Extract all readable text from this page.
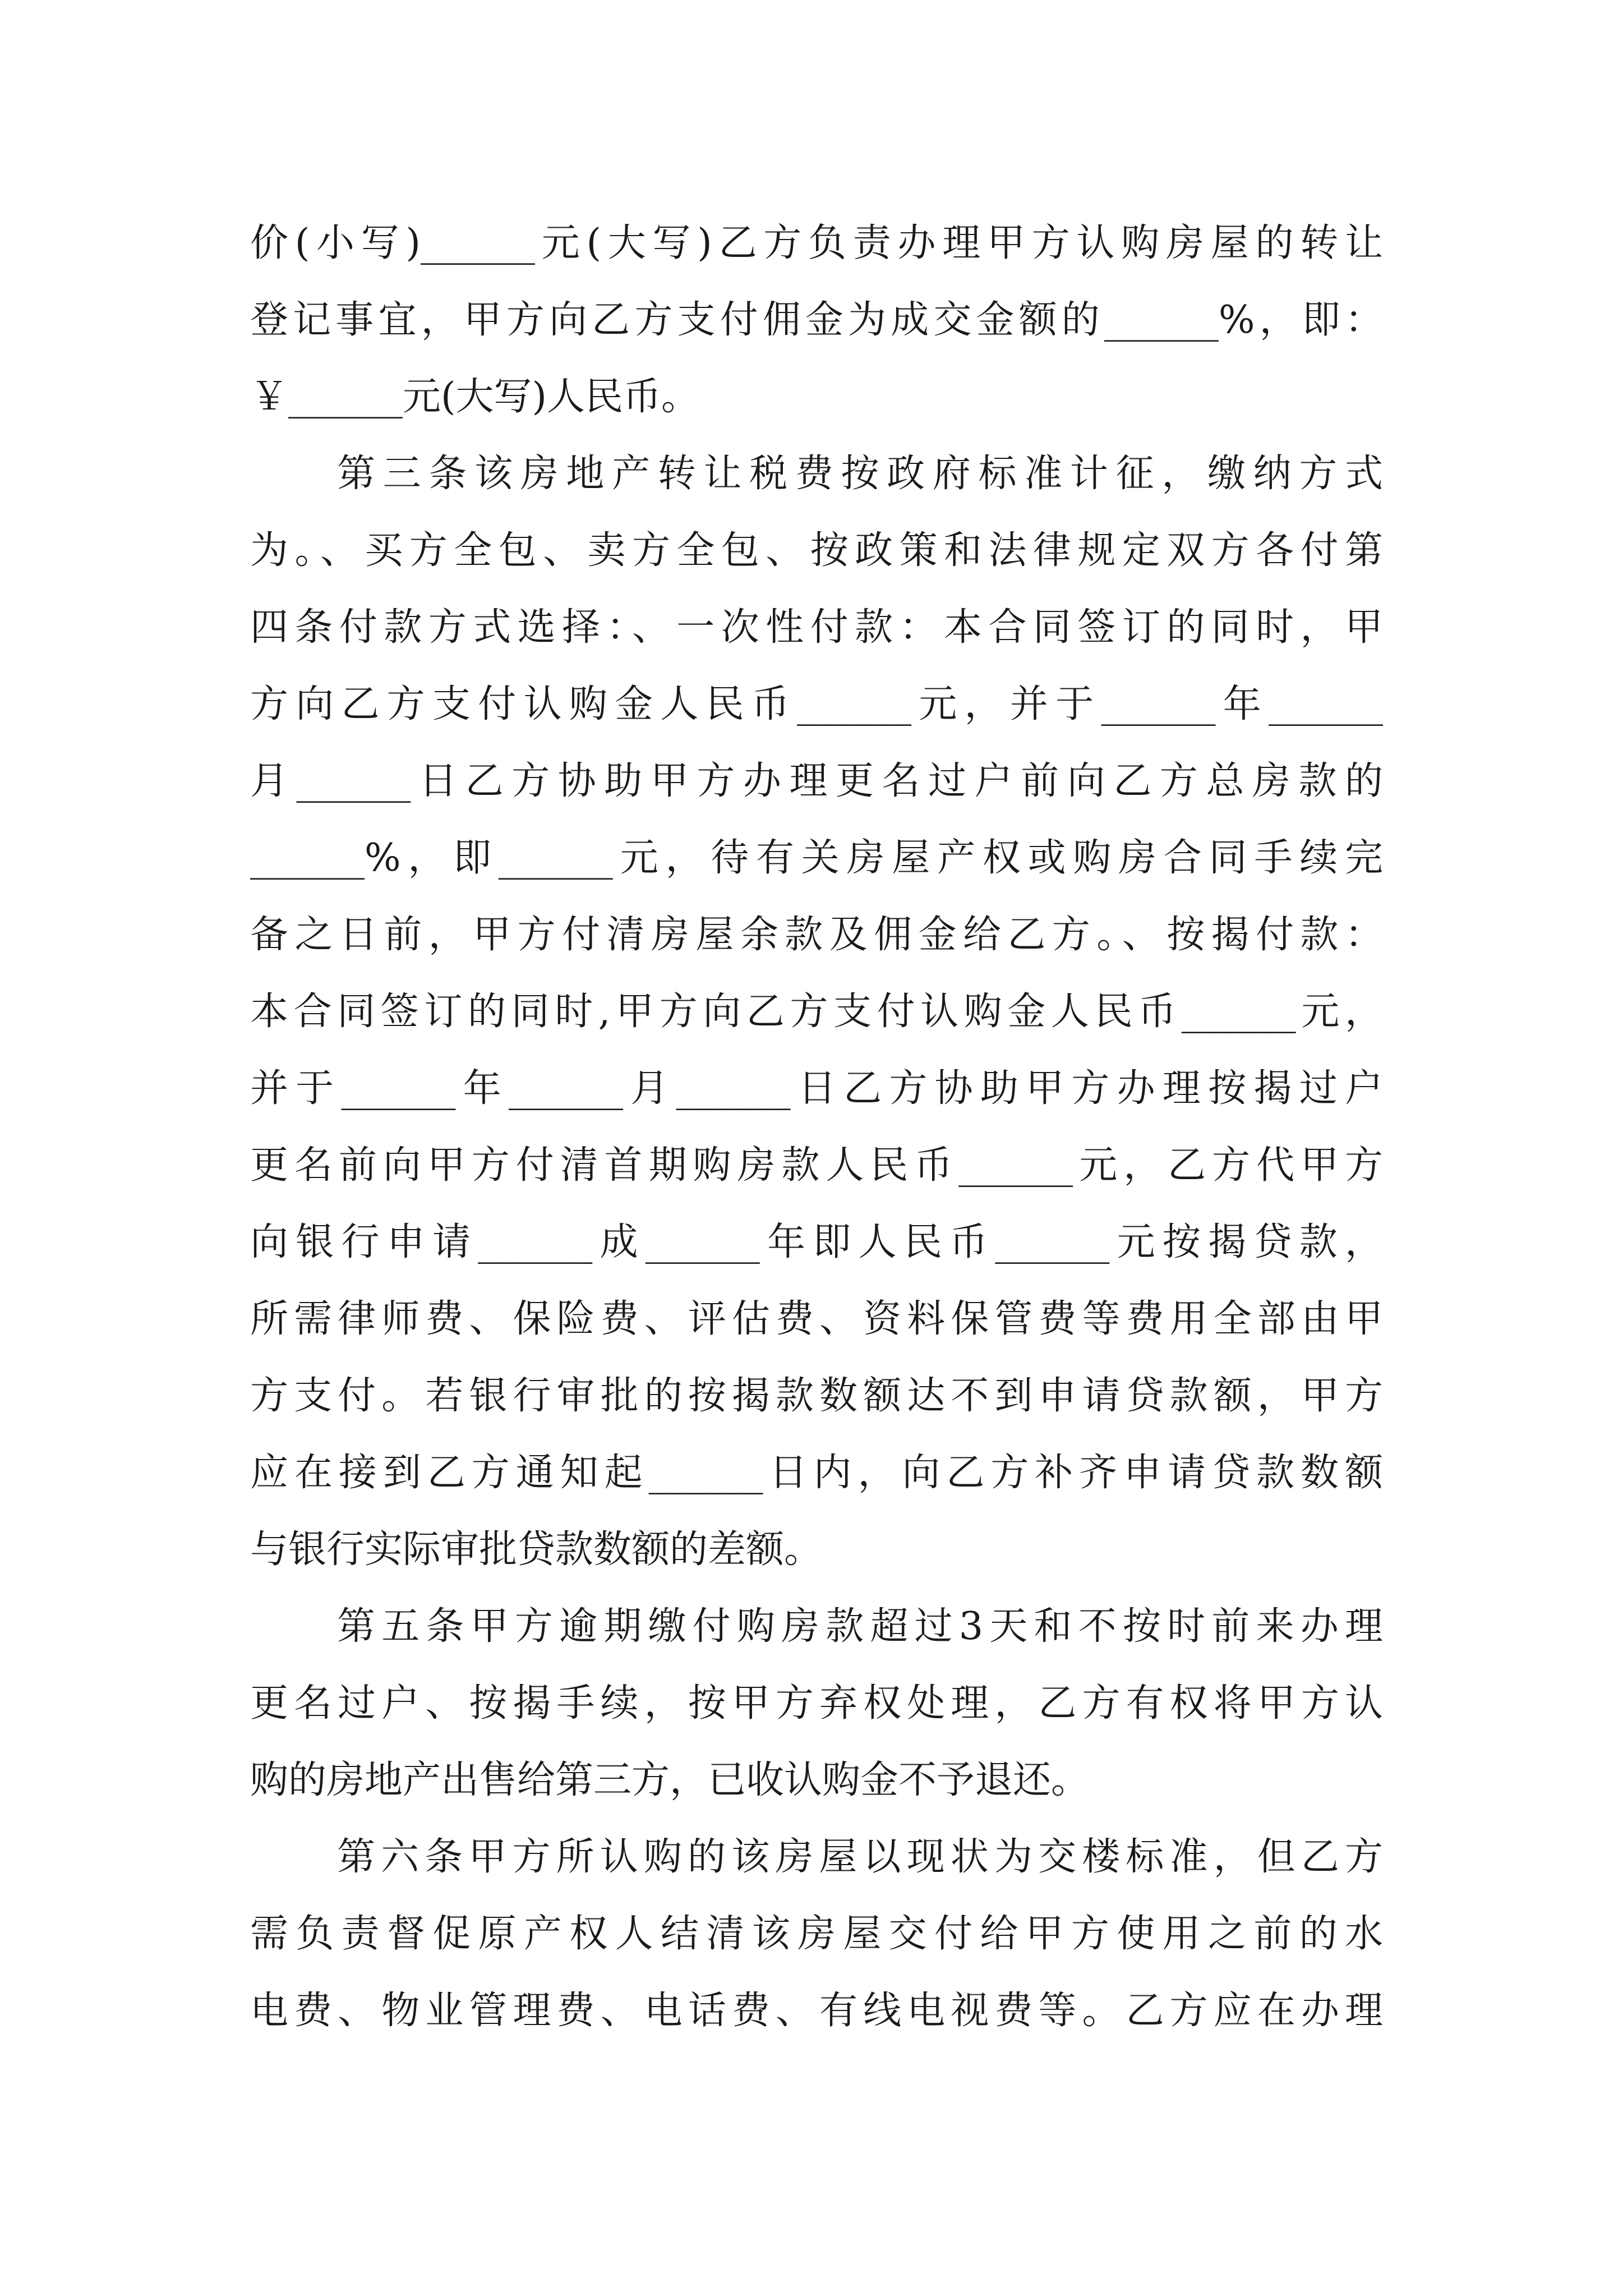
价(小写)______元(大写)乙方负责办理甲方认购房屋的转让
登记事宜，甲方向乙方支付佣金为成交金额的______%，即：
￥______元(大写)人民币。
第三条该房地产转让税费按政府标准计征，缴纳方式
为。、买方全包、卖方全包、按政策和法律规定双方各付第
四条付款方式选择：、一次性付款：本合同签订的同时，甲
方向乙方支付认购金人民币______元，并于______年______
月______日乙方协助甲方办理更名过户前向乙方总房款的
______%，即______元，待有关房屋产权或购房合同手续完
备之日前，甲方付清房屋余款及佣金给乙方。、按揭付款：
本合同签订的同时,甲方向乙方支付认购金人民币______元，
并于______年______月______日乙方协助甲方办理按揭过户
更名前向甲方付清首期购房款人民币______元，乙方代甲方
向银行申请______成______年即人民币______元按揭贷款，
所需律师费、保险费、评估费、资料保管费等费用全部由甲
方支付。若银行审批的按揭款数额达不到申请贷款额，甲方
应在接到乙方通知起______日内，向乙方补齐申请贷款数额
与银行实际审批贷款数额的差额。
第五条甲方逾期缴付购房款超过3天和不按时前来办理
更名过户、按揭手续，按甲方弃权处理，乙方有权将甲方认
购的房地产出售给第三方，已收认购金不予退还。
第六条甲方所认购的该房屋以现状为交楼标准，但乙方
需负责督促原产权人结清该房屋交付给甲方使用之前的水
电费、物业管理费、电话费、有线电视费等。乙方应在办理
